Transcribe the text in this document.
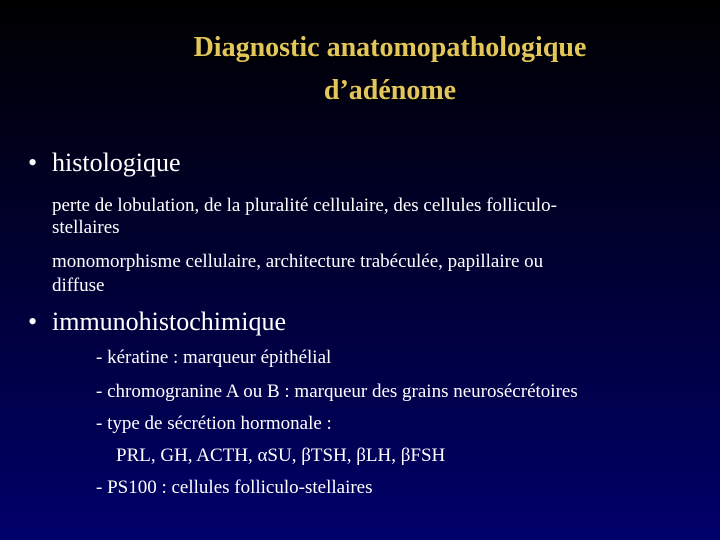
Diagnostic anatomopathologique
d’adénome
• histologique
perte de lobulation, de la pluralité cellulaire, des cellules folliculo-
stellaires
monomorphisme cellulaire, architecture trabéculée, papillaire ou
diffuse
• immunohistochimique
- kératine : marqueur épithélial
- chromogranine A ou B : marqueur des grains neurosécrétoires
- type de sécrétion hormonale :
PRL, GH, ACTH, αSU, βTSH, βLH, βFSH
- PS100 : cellules folliculo-stellaires
